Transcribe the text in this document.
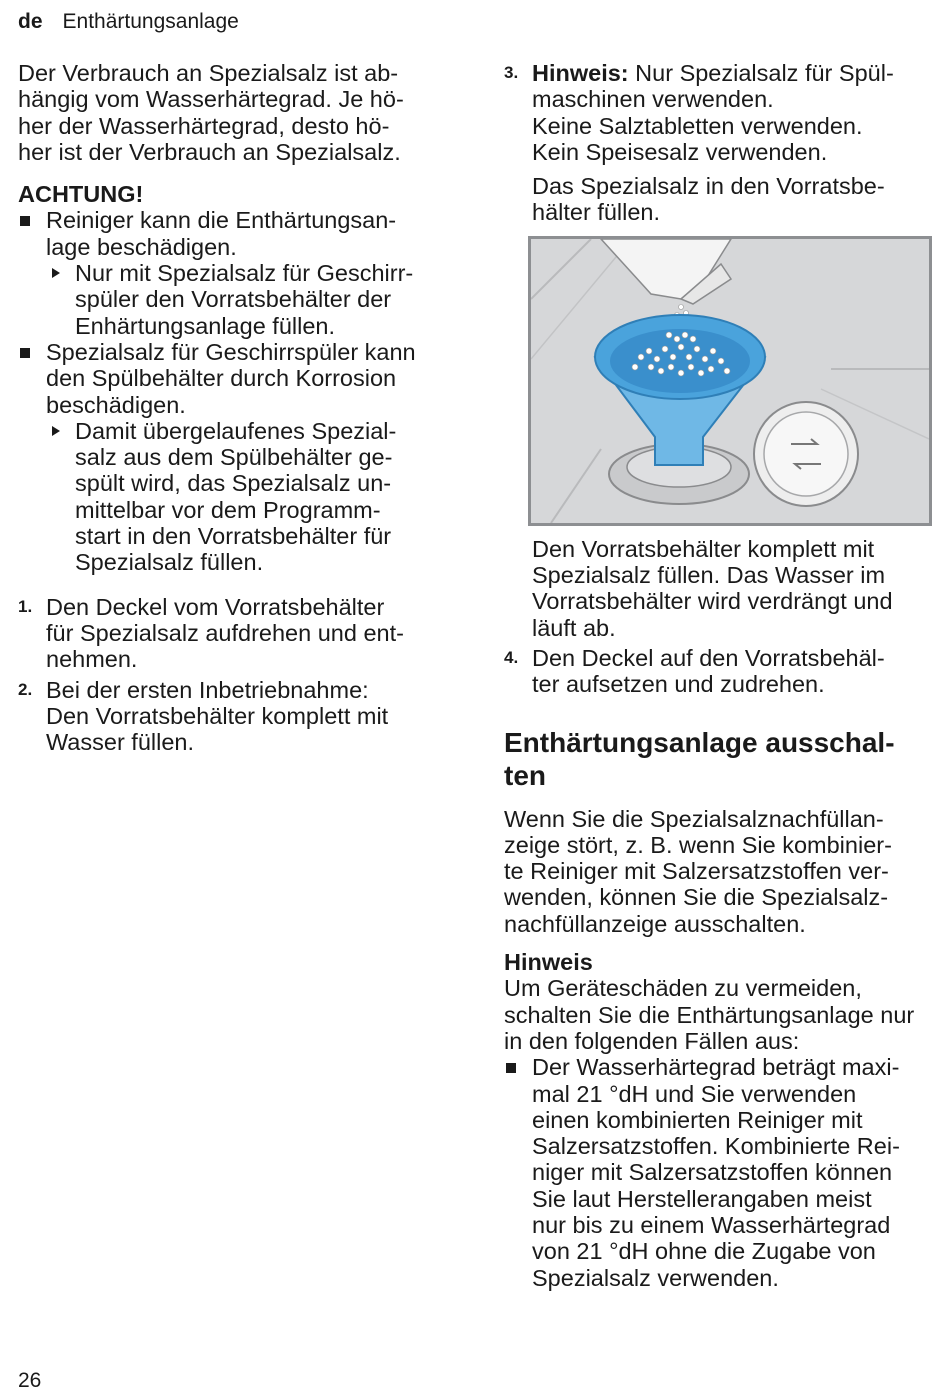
de Enthärtungsanlage

Der Verbrauch an Spezialsalz ist ab-
hängig vom Wasserhärtegrad. Je hö-
her der Wasserhärtegrad, desto hö-
her ist der Verbrauch an Spezialsalz.

ACHTUNG!

Reiniger kann die Enthärtungsan-
lage beschädigen.
Nur mit Spezialsalz für Geschirr-
spüler den Vorratsbehälter der
Enhärtungsanlage füllen.
Spezialsalz für Geschirrspüler kann
den Spülbehälter durch Korrosion
beschädigen.
Damit übergelaufenes Spezial-
salz aus dem Spülbehälter ge-
spült wird, das Spezialsalz un-
mittelbar vor dem Programm-
start in den Vorratsbehälter für
Spezialsalz füllen.
1. Den Deckel vom Vorratsbehälter
für Spezialsalz aufdrehen und ent-
nehmen.
2. Bei der ersten Inbetriebnahme:
Den Vorratsbehälter komplett mit
Wasser füllen.
3. Hinweis: Nur Spezialsalz für Spül-
maschinen verwenden.
Keine Salztabletten verwenden.
Kein Speisesalz verwenden.

Das Spezialsalz in den Vorratsbe-
hälter füllen.

Den Vorratsbehälter komplett mit
Spezialsalz füllen. Das Wasser im
Vorratsbehälter wird verdrängt und
läuft ab.

4. Den Deckel auf den Vorratsbehäl-
ter aufsetzen und zudrehen.

Enthärtungsanlage ausschal-
ten

Wenn Sie die Spezialsalznachfüllan-
zeige stört, z. B. wenn Sie kombinier-
te Reiniger mit Salzersatzstoffen ver-
wenden, können Sie die Spezialsalz-
nachfüllanzeige ausschalten.

Hinweis

Um Geräteschäden zu vermeiden,
schalten Sie die Enthärtungsanlage nur
in den folgenden Fällen aus:

Der Wasserhärtegrad beträgt maxi-
mal 21 °dH und Sie verwenden
einen kombinierten Reiniger mit
Salzersatzstoffen. Kombinierte Rei-
niger mit Salzersatzstoffen können
Sie laut Herstellerangaben meist
nur bis zu einem Wasserhärtegrad
von 21 °dH ohne die Zugabe von
Spezialsalz verwenden.
26
